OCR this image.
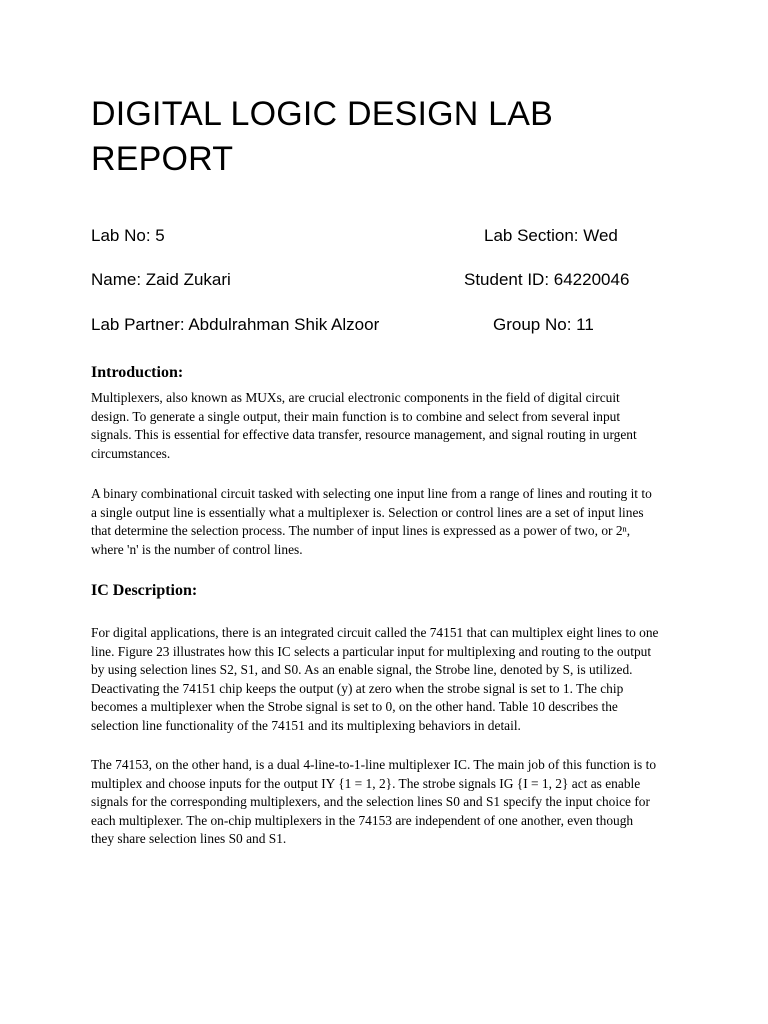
DIGITAL LOGIC DESIGN LAB
REPORT
Lab No: 5	Lab Section: Wed
Name: Zaid Zukari	Student ID: 64220046
Lab Partner: Abdulrahman Shik Alzoor	Group No: 11
Introduction:

Multiplexers, also known as MUXs, are crucial electronic components in the field of digital circuit
design. To generate a single output, their main function is to combine and select from several input
signals. This is essential for effective data transfer, resource management, and signal routing in urgent
circumstances.

A binary combinational circuit tasked with selecting one input line from a range of lines and routing it to
a single output line is essentially what a multiplexer is. Selection or control lines are a set of input lines
that determine the selection process. The number of input lines is expressed as a power of two, or 2ⁿ,
where 'n' is the number of control lines.

IC Description:

For digital applications, there is an integrated circuit called the 74151 that can multiplex eight lines to one
line. Figure 23 illustrates how this IC selects a particular input for multiplexing and routing to the output
by using selection lines S2, S1, and S0. As an enable signal, the Strobe line, denoted by S, is utilized.
Deactivating the 74151 chip keeps the output (y) at zero when the strobe signal is set to 1. The chip
becomes a multiplexer when the Strobe signal is set to 0, on the other hand. Table 10 describes the
selection line functionality of the 74151 and its multiplexing behaviors in detail.

The 74153, on the other hand, is a dual 4-line-to-1-line multiplexer IC. The main job of this function is to
multiplex and choose inputs for the output IY {1 = 1, 2}. The strobe signals IG {I = 1, 2} act as enable
signals for the corresponding multiplexers, and the selection lines S0 and S1 specify the input choice for
each multiplexer. The on-chip multiplexers in the 74153 are independent of one another, even though
they share selection lines S0 and S1.
